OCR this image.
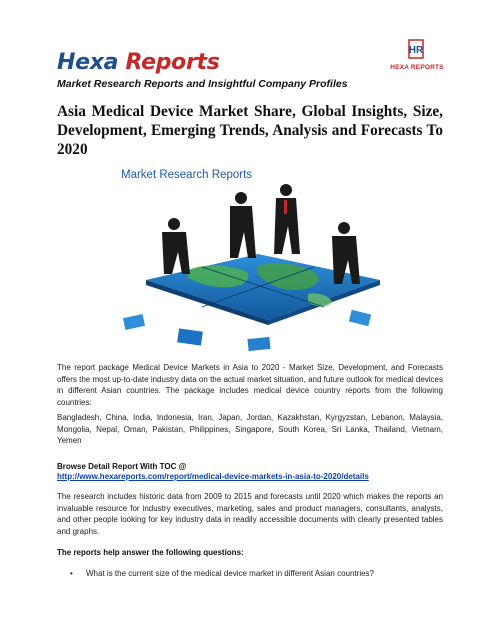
Hexa Reports
Market Research Reports and Insightful Company Profiles
HR
HEXA REPORTS
Asia Medical Device Market Share, Global Insights, Size, Development, Emerging Trends, Analysis and Forecasts To 2020
Market Research Reports

The report package Medical Device Markets in Asia to 2020 - Market Size, Development, and Forecasts offers the most up-to-date industry data on the actual market situation, and future outlook for medical devices in different Asian countries. The package includes medical device country reports from the following countries:

Bangladesh, China, India, Indonesia, Iran, Japan, Jordan, Kazakhstan, Kyrgyzstan, Lebanon, Malaysia, Mongolia, Nepal, Oman, Pakistan, Philippines, Singapore, South Korea, Sri Lanka, Thailand, Vietnam, Yemen

Browse Detail Report With TOC @

http://www.hexareports.com/report/medical-device-markets-in-asia-to-2020/details

The research includes historic data from 2009 to 2015 and forecasts until 2020 which makes the reports an invaluable resource for industry executives, marketing, sales and product managers, consultants, analysts, and other people looking for key industry data in readily accessible documents with clearly presented tables and graphs.

The reports help answer the following questions:

• What is the current size of the medical device market in different Asian countries?
